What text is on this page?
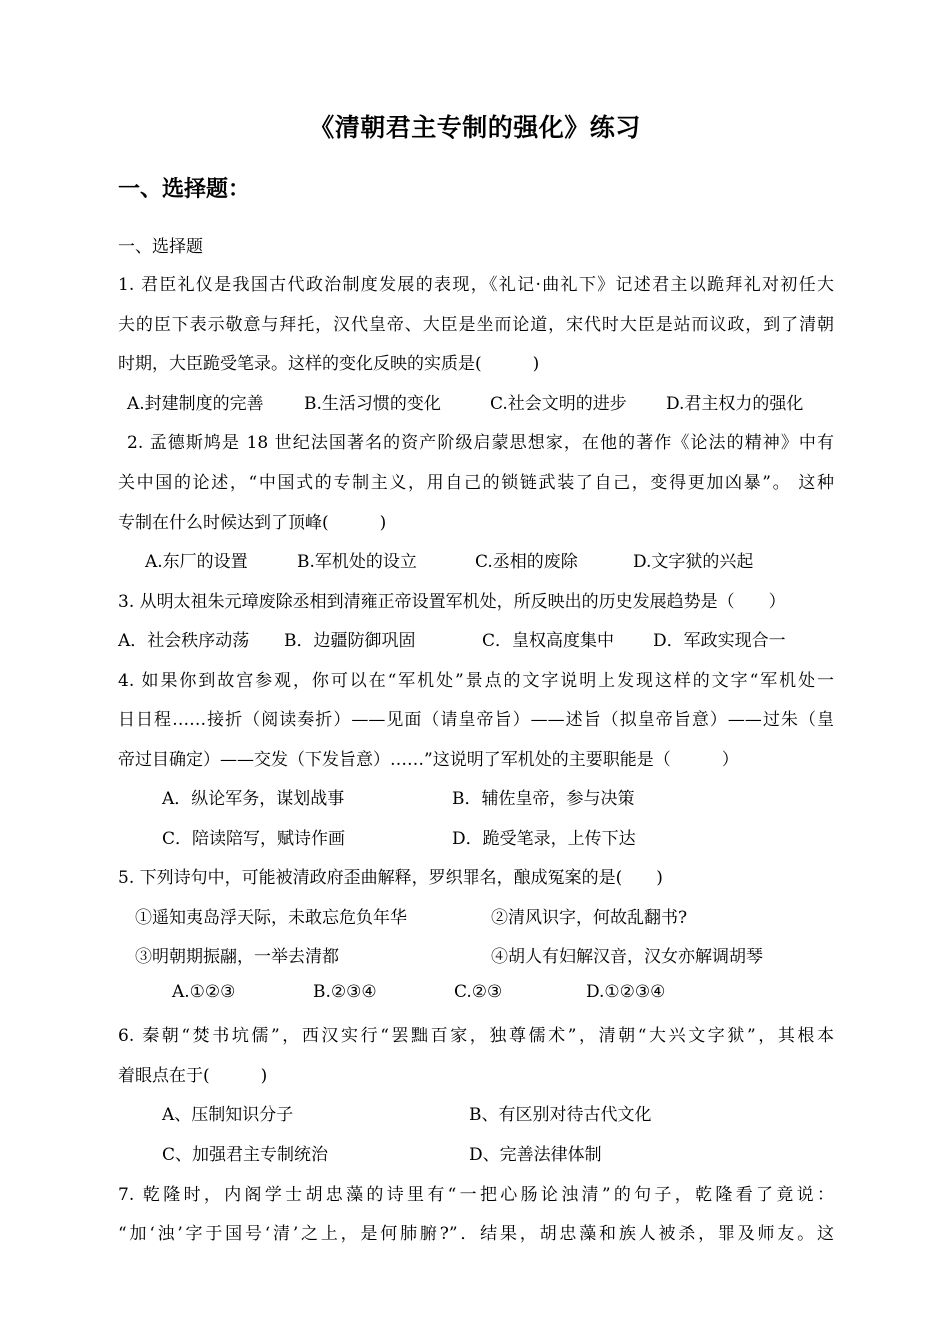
《清朝君主专制的强化》练习
一、选择题：
一、选择题
1. 君臣礼仪是我国古代政治制度发展的表现，《礼记·曲礼下》记述君主以跪拜礼对初任大
夫的臣下表示敬意与拜托，汉代皇帝、大臣是坐而论道，宋代时大臣是站而议政，到了清朝
时期，大臣跪受笔录。这样的变化反映的实质是(　　　)
A.封建制度的完善 B.生活习惯的变化	C.社会文明的进步 D.君主权力的强化
2. 孟德斯鸠是 18 世纪法国著名的资产阶级启蒙思想家，在他的著作《论法的精神》中有
关中国的论述，“中国式的专制主义，用自己的锁链武装了自己，变得更加凶暴”。 这种
专制在什么时候达到了顶峰(　　　)
A.东厂的设置	B.军机处的设立	C.丞相的废除	D.文字狱的兴起
3. 从明太祖朱元璋废除丞相到清雍正帝设置军机处，所反映出的历史发展趋势是（　　）
A．社会秩序动荡 B．边疆防御巩固	C．皇权高度集中 D．军政实现合一
4. 如果你到故宫参观，你可以在“军机处”景点的文字说明上发现这样的文字“军机处一
日日程……接折（阅读奏折）——见面（请皇帝旨）——述旨（拟皇帝旨意）——过朱（皇
帝过目确定）——交发（下发旨意）……”这说明了军机处的主要职能是（　　　）
A．纵论军务，谋划战事	B．辅佐皇帝，参与决策
C．陪读陪写，赋诗作画	D．跪受笔录，上传下达
5. 下列诗句中，可能被清政府歪曲解释，罗织罪名，酿成冤案的是(　　)
①遥知夷岛浮天际，未敢忘危负年华	②清风识字，何故乱翻书?
③明朝期振翮，一举去清都	④胡人有妇解汉音，汉女亦解调胡琴
A.①②③	B.②③④	C.②③	D.①②③④
6. 秦朝“焚书坑儒”，西汉实行“罢黜百家，独尊儒术”，清朝“大兴文字狱”，其根本
着眼点在于(　　　)
A、压制知识分子	B、有区别对待古代文化
C、加强君主专制统治	D、完善法律体制
7. 乾隆时，内阁学士胡忠藻的诗里有“一把心肠论浊清”的句子，乾隆看了竟说：
“加‘浊’字于国号‘清’之上，是何肺腑?”．结果，胡忠藻和族人被杀，罪及师友。这
